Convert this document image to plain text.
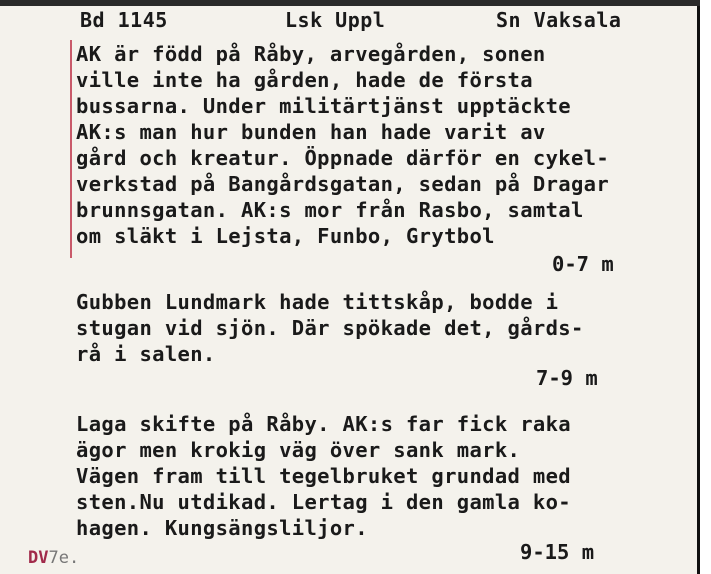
Bd 1145	Lsk Uppl	Sn Vaksala
AK är född på Råby, arvegården, sonen
ville inte ha gården, hade de första
bussarna. Under militärtjänst upptäckte
AK:s man hur bunden han hade varit av
gård och kreatur. Öppnade därför en cykel-
verkstad på Bangårdsgatan, sedan på Dragar
brunnsgatan. AK:s mor från Rasbo, samtal
om släkt i Lejsta, Funbo, Grytbol
0-7 m
Gubben Lundmark hade tittskåp, bodde i
stugan vid sjön. Där spökade det, gårds-
rå i salen.
7-9 m
Laga skifte på Råby. AK:s far fick raka
ägor men krokig väg över sank mark.
Vägen fram till tegelbruket grundad med
sten.Nu utdikad. Lertag i den gamla ko-
hagen. Kungsängsliljor.
9-15 m
DV7e.
